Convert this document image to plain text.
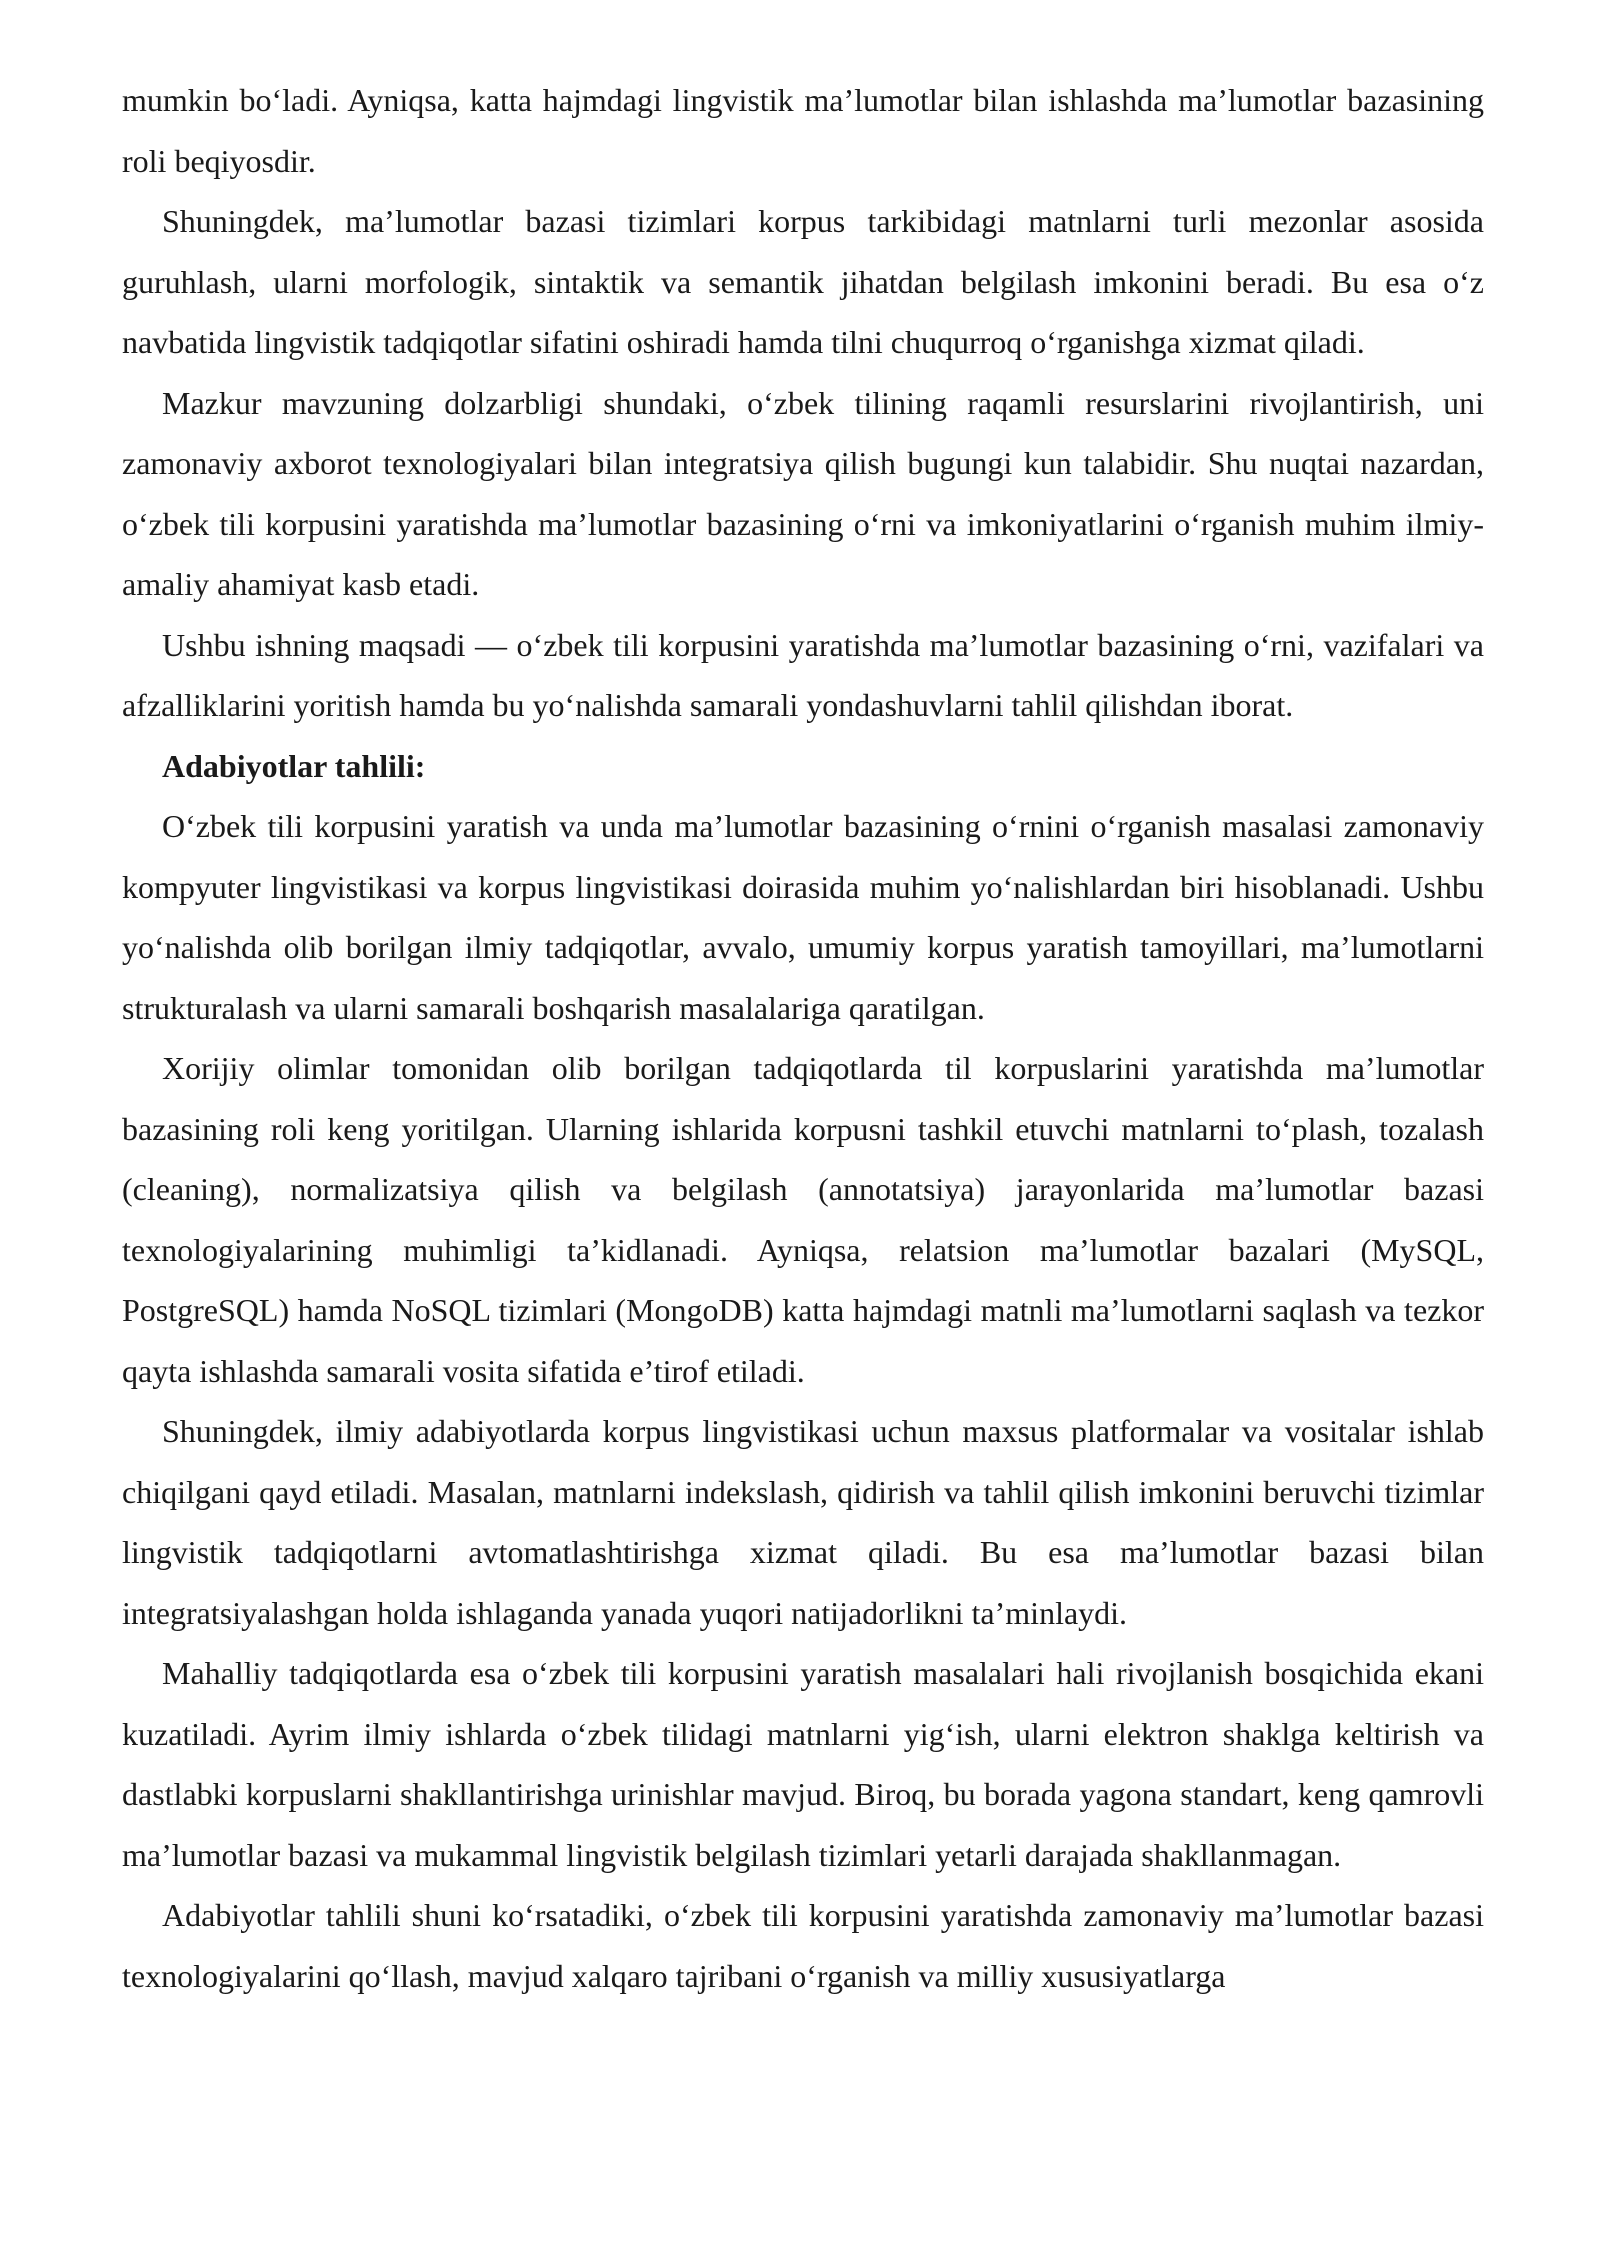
mumkin bo‘ladi. Ayniqsa, katta hajmdagi lingvistik ma’lumotlar bilan ishlashda ma’lumotlar bazasining roli beqiyosdir.

Shuningdek, ma’lumotlar bazasi tizimlari korpus tarkibidagi matnlarni turli mezonlar asosida guruhlash, ularni morfologik, sintaktik va semantik jihatdan belgilash imkonini beradi. Bu esa o‘z navbatida lingvistik tadqiqotlar sifatini oshiradi hamda tilni chuqurroq o‘rganishga xizmat qiladi.

Mazkur mavzuning dolzarbligi shundaki, o‘zbek tilining raqamli resurslarini rivojlantirish, uni zamonaviy axborot texnologiyalari bilan integratsiya qilish bugungi kun talabidir. Shu nuqtai nazardan, o‘zbek tili korpusini yaratishda ma’lumotlar bazasining o‘rni va imkoniyatlarini o‘rganish muhim ilmiy-amaliy ahamiyat kasb etadi.

Ushbu ishning maqsadi — o‘zbek tili korpusini yaratishda ma’lumotlar bazasining o‘rni, vazifalari va afzalliklarini yoritish hamda bu yo‘nalishda samarali yondashuvlarni tahlil qilishdan iborat.

Adabiyotlar tahlili:

O‘zbek tili korpusini yaratish va unda ma’lumotlar bazasining o‘rnini o‘rganish masalasi zamonaviy kompyuter lingvistikasi va korpus lingvistikasi doirasida muhim yo‘nalishlardan biri hisoblanadi. Ushbu yo‘nalishda olib borilgan ilmiy tadqiqotlar, avvalo, umumiy korpus yaratish tamoyillari, ma’lumotlarni strukturalash va ularni samarali boshqarish masalalariga qaratilgan.

Xorijiy olimlar tomonidan olib borilgan tadqiqotlarda til korpuslarini yaratishda ma’lumotlar bazasining roli keng yoritilgan. Ularning ishlarida korpusni tashkil etuvchi matnlarni to‘plash, tozalash (cleaning), normalizatsiya qilish va belgilash (annotatsiya) jarayonlarida ma’lumotlar bazasi texnologiyalarining muhimligi ta’kidlanadi. Ayniqsa, relatsion ma’lumotlar bazalari (MySQL, PostgreSQL) hamda NoSQL tizimlari (MongoDB) katta hajmdagi matnli ma’lumotlarni saqlash va tezkor qayta ishlashda samarali vosita sifatida e’tirof etiladi.

Shuningdek, ilmiy adabiyotlarda korpus lingvistikasi uchun maxsus platformalar va vositalar ishlab chiqilgani qayd etiladi. Masalan, matnlarni indekslash, qidirish va tahlil qilish imkonini beruvchi tizimlar lingvistik tadqiqotlarni avtomatlashtirishga xizmat qiladi. Bu esa ma’lumotlar bazasi bilan integratsiyalashgan holda ishlaganda yanada yuqori natijadorlikni ta’minlaydi.

Mahalliy tadqiqotlarda esa o‘zbek tili korpusini yaratish masalalari hali rivojlanish bosqichida ekani kuzatiladi. Ayrim ilmiy ishlarda o‘zbek tilidagi matnlarni yig‘ish, ularni elektron shaklga keltirish va dastlabki korpuslarni shakllantirishga urinishlar mavjud. Biroq, bu borada yagona standart, keng qamrovli ma’lumotlar bazasi va mukammal lingvistik belgilash tizimlari yetarli darajada shakllanmagan.

Adabiyotlar tahlili shuni ko‘rsatadiki, o‘zbek tili korpusini yaratishda zamonaviy ma’lumotlar bazasi texnologiyalarini qo‘llash, mavjud xalqaro tajribani o‘rganish va milliy xususiyatlarga
